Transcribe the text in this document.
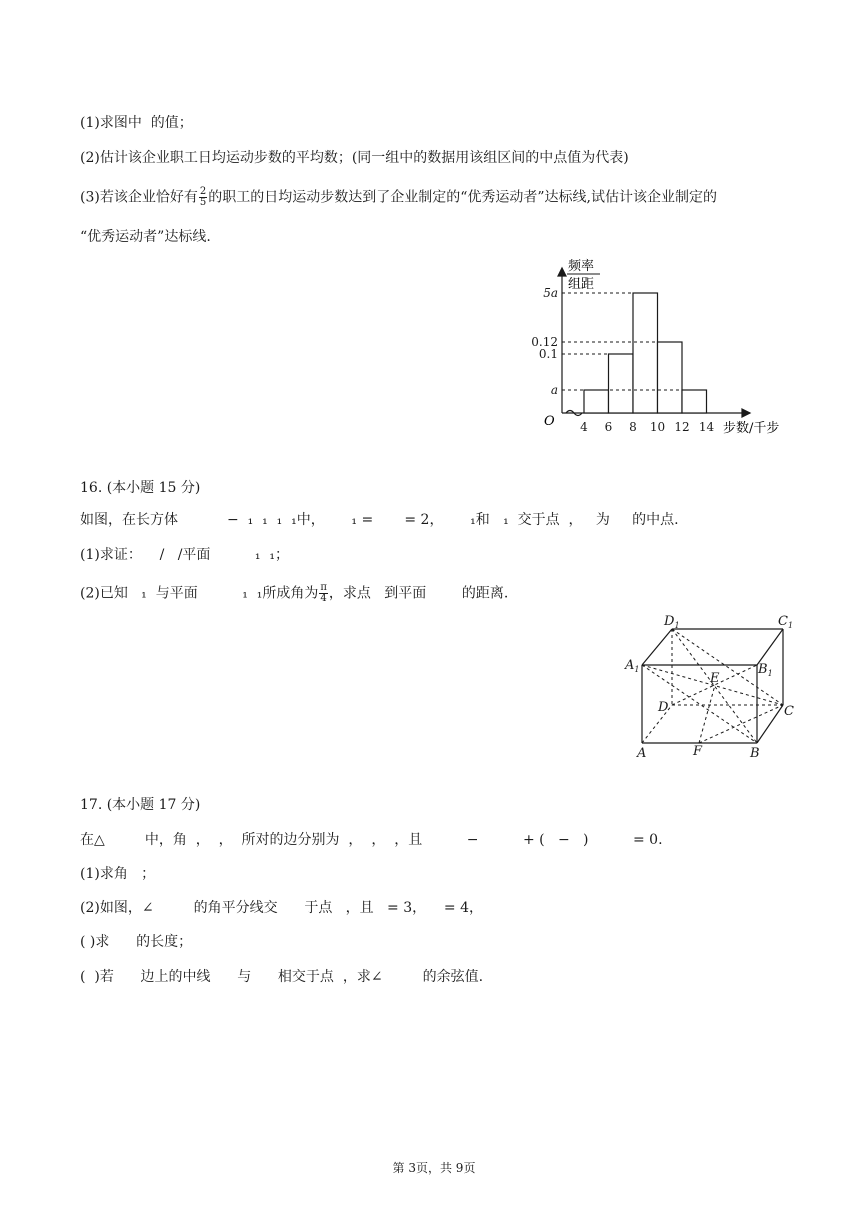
(1)求图中  的值；
(2)估计该企业职工日均运动步数的平均数；(同一组中的数据用该组区间的中点值为代表)
(3)若该企业恰好有 $\frac{2}{5}$ 的职工的日均运动步数达到了企业制定的“优秀运动者”达标线,试估计该企业制定的
“优秀运动者”达标线.
频率
组距
步数/千步
O
a
0.1
0.12
5a
4 6 8 10 12 14
16. (本小题 15 分)
如图，在长方体           −  ₁  ₁  ₁  ₁中，      ₁ =       = 2，      ₁和   ₁  交于点  ，   为     的中点.
(1)求证：    /   /平面          ₁  ₁；
(2)已知   ₁  与平面          ₁  ₁所成角为 $\frac{\pi}{4}$ ，求点   到平面        的距离.
$D_1$	$C_1$
$A_1$	$B_1$
E
D	C
A	F	B
17. (本小题 17 分)
在△         中，角  ，  ，  所对的边分别为  ，  ，  ，且          −          + (   −   )          = 0.
(1)求角   ；
(2)如图，∠         的角平分线交      于点   ，且   = 3，    = 4，
( )求      的长度；
(  )若      边上的中线      与      相交于点  ，求∠         的余弦值.
第 3页，共 9页
